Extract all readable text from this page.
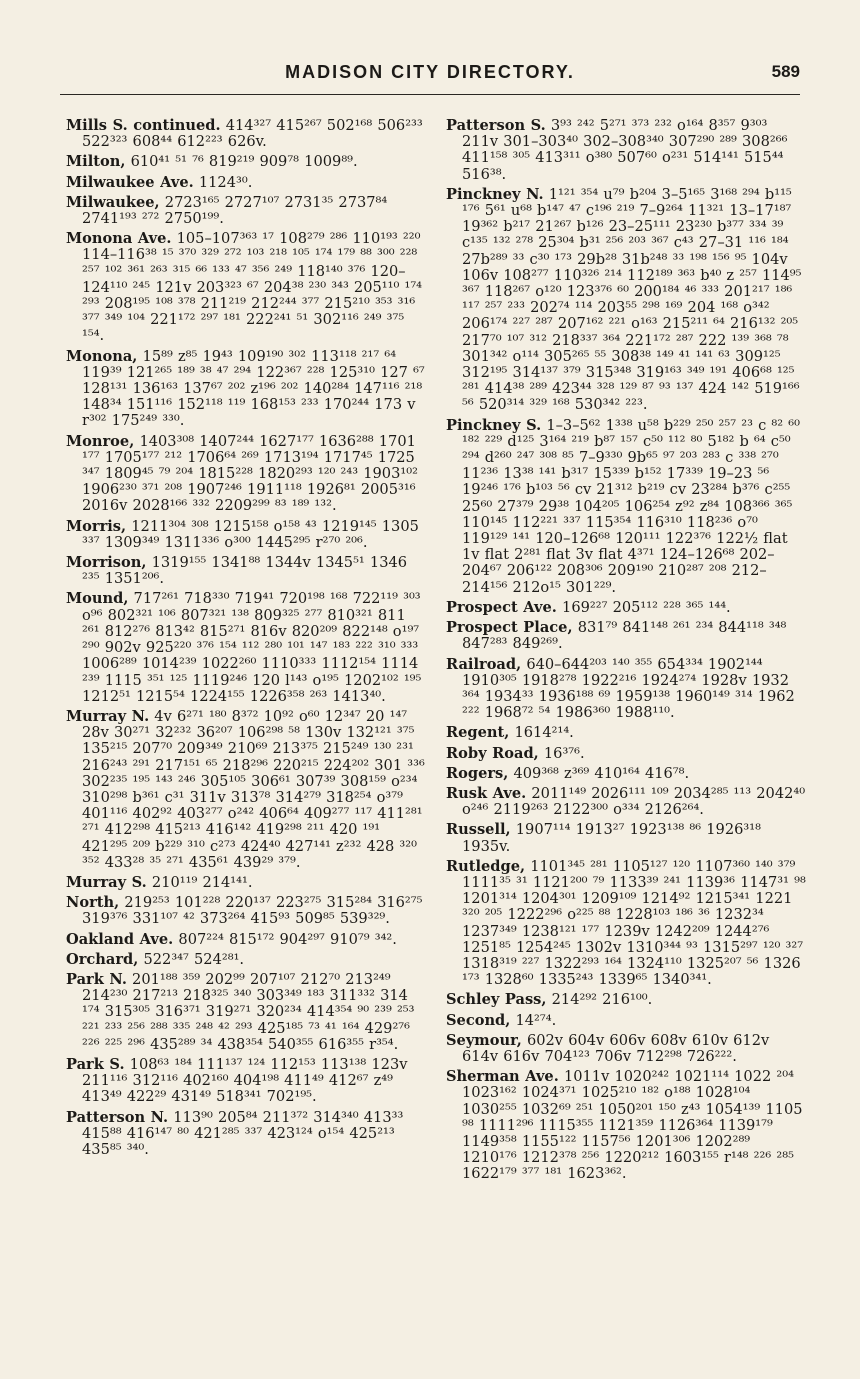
MADISON CITY DIRECTORY.	589

Mills S. continued. 414³²⁷ 415²⁶⁷ 502¹⁶⁸ 506²³³ 522³²³ 608⁴⁴ 612²²³ 626v.

Milton, 610⁴¹ ⁵¹ ⁷⁶ 819²¹⁹ 909⁷⁸ 1009⁸⁹.

Milwaukee Ave. 1124³⁰.

Milwaukee, 2723¹⁶⁵ 2727¹⁰⁷ 2731³⁵ 2737⁸⁴ 2741¹⁹³ ²⁷² 2750¹⁹⁹.

Monona Ave. 105–107³⁶³ ¹⁷ 108²⁷⁹ ²⁸⁶ 110¹⁹³ ²²⁰ 114–116³⁸ ¹⁵ ³⁷⁰ ³²⁹ ²⁷² ¹⁰³ ²¹⁸ ¹⁰⁵ ¹⁷⁴ ¹⁷⁹ ⁸⁸ ³⁰⁰ ²²⁸ ²⁵⁷ ¹⁰² ³⁶¹ ²⁶³ ³¹⁵ ⁶⁶ ¹³³ ⁴⁷ ³⁵⁶ ²⁴⁹ 118¹⁴⁰ ³⁷⁶ 120–124¹¹⁰ ²⁴⁵ 121v 203³²³ ⁶⁷ 204³⁸ ²³⁰ ³⁴³ 205¹¹⁰ ¹⁷⁴ ²⁹³ 208¹⁹⁵ ¹⁰⁸ ³⁷⁸ 211²¹⁹ 212²⁴⁴ ³⁷⁷ 215²¹⁰ ³⁵³ ³¹⁶ ³⁷⁷ ³⁴⁹ ¹⁰⁴ 221¹⁷² ²⁹⁷ ¹⁸¹ 222²⁴¹ ⁵¹ 302¹¹⁶ ²⁴⁹ ³⁷⁵ ¹⁵⁴.

Monona, 15⁸⁹ z⁸⁵ 19⁴³ 109¹⁹⁰ ³⁰² 113¹¹⁸ ²¹⁷ ⁶⁴ 119³⁹ 121²⁶⁵ ¹⁸⁹ ³⁸ ⁴⁷ ²⁹⁴ 122³⁶⁷ ²²⁸ 125³¹⁰ 127 ⁶⁷ 128¹³¹ 136¹⁶³ 137⁶⁷ ²⁰² z¹⁹⁶ ²⁰² 140²⁸⁴ 147¹¹⁶ ²¹⁸ 148³⁴ 151¹¹⁶ 152¹¹⁸ ¹¹⁹ 168¹⁵³ ²³³ 170²⁴⁴ 173 v r³⁰² 175²⁴⁹ ³³⁰.

Monroe, 1403³⁰⁸ 1407²⁴⁴ 1627¹⁷⁷ 1636²⁸⁸ 1701 ¹⁷⁷ 1705¹⁷⁷ ²¹² 1706⁶⁴ ²⁶⁹ 1713¹⁹⁴ 1717⁴⁵ 1725 ³⁴⁷ 1809⁴⁵ ⁷⁹ ²⁰⁴ 1815²²⁸ 1820²⁹³ ¹²⁰ ²⁴³ 1903¹⁰² 1906²³⁰ ³⁷¹ ²⁰⁸ 1907²⁴⁶ 1911¹¹⁸ 1926⁸¹ 2005³¹⁶ 2016v 2028¹⁶⁶ ³³² 2209²⁹⁹ ⁸³ ¹⁸⁹ ¹³².

Morris, 1211³⁰⁴ ³⁰⁸ 1215¹⁵⁸ o¹⁵⁸ ⁴³ 1219¹⁴⁵ 1305 ³³⁷ 1309³⁴⁹ 1311³³⁶ o³⁰⁰ 1445²⁹⁵ r²⁷⁰ ²⁰⁶.

Morrison, 1319¹⁵⁵ 1341⁸⁸ 1344v 1345⁵¹ 1346 ²³⁵ 1351²⁰⁶.

Mound, 717²⁶¹ 718³³⁰ 719⁴¹ 720¹⁹⁸ ¹⁶⁸ 722¹¹⁹ ³⁰³ o⁹⁶ 802³²¹ ¹⁰⁶ 807³²¹ ¹³⁸ 809³²⁵ ²⁷⁷ 810³²¹ 811 ²⁶¹ 812²⁷⁶ 813⁴² 815²⁷¹ 816v 820²⁰⁹ 822¹⁴⁸ o¹⁹⁷ ²⁹⁰ 902v 925²²⁰ ³⁷⁶ ¹⁵⁴ ¹¹² ²⁸⁰ ¹⁰¹ ¹⁴⁷ ¹⁸³ ²²² ³¹⁰ ³³³ 1006²⁸⁹ 1014²³⁹ 1022²⁶⁰ 1110³³³ 1112¹⁵⁴ 1114 ²³⁹ 1115 ³⁵¹ ¹²⁵ 1119²⁴⁶ 120 l¹⁴³ o¹⁹⁵ 1202¹⁰² ¹⁹⁵ 1212⁵¹ 1215⁵⁴ 1224¹⁵⁵ 1226³⁵⁸ ²⁶³ 1413⁴⁰.

Murray N. 4v 6²⁷¹ ¹⁸⁰ 8³⁷² 10⁹² o⁶⁰ 12³⁴⁷ 20 ¹⁴⁷ 28v 30²⁷¹ 32²³² 36²⁰⁷ 106²⁹⁸ ⁵⁸ 130v 132¹²¹ ³⁷⁵ 135²¹⁵ 207⁷⁰ 209³⁴⁹ 210⁶⁹ 213³⁷⁵ 215²⁴⁹ ¹³⁰ ²³¹ 216²⁴³ ²⁹¹ 217¹⁵¹ ⁶⁵ 218²⁹⁶ 220²¹⁵ 224²⁰² 301 ³³⁶ 302²³⁵ ¹⁹⁵ ¹⁴³ ²⁴⁶ 305¹⁰⁵ 306⁶¹ 307³⁹ 308¹⁵⁹ o²³⁴ 310²⁹⁸ b³⁶¹ c³¹ 311v 313⁷⁸ 314²⁷⁹ 318²⁵⁴ o³⁷⁹ 401¹¹⁶ 402⁹² 403²⁷⁷ o²⁴² 406⁶⁴ 409²⁷⁷ ¹¹⁷ 411²⁸¹ ²⁷¹ 412²⁹⁸ 415²¹³ 416¹⁴² 419²⁹⁸ ²¹¹ 420 ¹⁹¹ 421²⁹⁵ ²⁰⁹ b²²⁹ ³¹⁰ c²⁷³ 424⁴⁰ 427¹⁴¹ z²³² 428 ³²⁰ ³⁵² 433²⁸ ³⁵ ²⁷¹ 435⁶¹ 439²⁹ ³⁷⁹.

Murray S. 210¹¹⁹ 214¹⁴¹.

North, 219²⁵³ 101²²⁸ 220¹³⁷ 223²⁷⁵ 315²⁸⁴ 316²⁷⁵ 319³⁷⁶ 331¹⁰⁷ ⁴² 373²⁶⁴ 415⁹³ 509⁸⁵ 539³²⁹.

Oakland Ave. 807²²⁴ 815¹⁷² 904²⁹⁷ 910⁷⁹ ³⁴².

Orchard, 522³⁴⁷ 524²⁸¹.

Park N. 201¹⁸⁸ ³⁵⁹ 202⁹⁹ 207¹⁰⁷ 212⁷⁰ 213²⁴⁹ 214²³⁰ 217²¹³ 218³²⁵ ³⁴⁰ 303³⁴⁹ ¹⁸³ 311³³² 314 ¹⁷⁴ 315³⁰⁵ 316³⁷¹ 319²⁷¹ 320²³⁴ 414³⁵⁴ ⁹⁰ ²³⁹ ²⁵³ ²²¹ ²³³ ²⁵⁶ ²⁸⁸ ³³⁵ ²⁴⁸ ⁴² ²⁹³ 425¹⁸⁵ ⁷³ ⁴¹ ¹⁶⁴ 429²⁷⁶ ²²⁶ ²²⁵ ²⁹⁶ 435²⁸⁹ ³⁴ 438³⁵⁴ 540³⁵⁵ 616³⁵⁵ r³⁵⁴.

Park S. 108⁶³ ¹⁸⁴ 111¹³⁷ ¹²⁴ 112¹⁵³ 113¹³⁸ 123v 211¹¹⁶ 312¹¹⁶ 402¹⁶⁰ 404¹⁹⁸ 411⁴⁹ 412⁶⁷ z⁴⁹ 413⁴⁹ 422²⁹ 431⁴⁹ 518³⁴¹ 702¹⁹⁵.

Patterson N. 113⁹⁰ 205⁸⁴ 211³⁷² 314³⁴⁰ 413³³ 415⁸⁸ 416¹⁴⁷ ⁸⁰ 421²⁸⁵ ³³⁷ 423¹²⁴ o¹⁵⁴ 425²¹³ 435⁸⁵ ³⁴⁰.

Patterson S. 3⁹³ ²⁴² 5²⁷¹ ³⁷³ ²³² o¹⁶⁴ 8³⁵⁷ 9³⁰³ 211v 301–303⁴⁰ 302–308³⁴⁰ 307²⁹⁰ ²⁸⁹ 308²⁶⁶ 411¹⁵⁸ ³⁰⁵ 413³¹¹ o³⁸⁰ 507⁶⁰ o²³¹ 514¹⁴¹ 515⁴⁴ 516³⁸.

Pinckney N. 1¹²¹ ³⁵⁴ u⁷⁹ b²⁰⁴ 3–5¹⁶⁵ 3¹⁶⁸ ²⁹⁴ b¹¹⁵ ¹⁷⁶ 5⁶¹ u⁶⁸ b¹⁴⁷ ⁴⁷ c¹⁹⁶ ²¹⁹ 7–9²⁶⁴ 11³²¹ 13–17¹⁸⁷ 19³⁶² b²¹⁷ 21²⁶⁷ b¹²⁶ 23–25¹¹¹ 23²³⁰ b³⁷⁷ ³³⁴ ³⁹ c¹³⁵ ¹³² ²⁷⁸ 25³⁰⁴ b³¹ ²⁵⁶ ²⁰³ ³⁶⁷ c⁴³ 27–31 ¹¹⁶ ¹⁸⁴ 27b²⁸⁹ ³³ c³⁰ ¹⁷³ 29b²⁸ 31b²⁴⁸ ³³ ¹⁹⁸ ¹⁵⁶ ⁹⁵ 104v 106v 108²⁷⁷ 110³²⁶ ²¹⁴ 112¹⁸⁹ ³⁶³ b⁴⁰ z ²⁵⁷ 114⁹⁵ ³⁶⁷ 118²⁶⁷ o¹²⁰ 123³⁷⁶ ⁶⁰ 200¹⁸⁴ ⁴⁶ ³³³ 201²¹⁷ ¹⁸⁶ ¹¹⁷ ²⁵⁷ ²³³ 202⁷⁴ ¹¹⁴ 203⁵⁵ ²⁹⁸ ¹⁶⁹ 204 ¹⁶⁸ o³⁴² 206¹⁷⁴ ²²⁷ ²⁸⁷ 207¹⁶² ²²¹ o¹⁶³ 215²¹¹ ⁶⁴ 216¹³² ²⁰⁵ 217⁷⁰ ¹⁰⁷ ³¹² 218³³⁷ ³⁶⁴ 221¹⁷² ²⁸⁷ 222 ¹³⁹ ³⁶⁸ ⁷⁸ 301³⁴² o¹¹⁴ 305²⁶⁵ ⁵⁵ 308³⁸ ¹⁴⁹ ⁴¹ ¹⁴¹ ⁶³ 309¹²⁵ 312¹⁹⁵ 314¹³⁷ ³⁷⁹ 315³⁴⁸ 319¹⁶³ ³⁴⁹ ¹⁹¹ 406⁶⁸ ¹²⁵ ²⁸¹ 414³⁸ ²⁸⁹ 423⁴⁴ ³²⁸ ¹²⁹ ⁸⁷ ⁹³ ¹³⁷ 424 ¹⁴² 519¹⁶⁶ ⁵⁶ 520³¹⁴ ³²⁹ ¹⁶⁸ 530³⁴² ²²³.

Pinckney S. 1–3–5⁶² 1³³⁸ u⁵⁸ b²²⁹ ²⁵⁰ ²⁵⁷ ²³ c ⁸² ⁶⁰ ¹⁸² ²²⁹ d¹²⁵ 3¹⁶⁴ ²¹⁹ b⁸⁷ ¹⁵⁷ c⁵⁰ ¹¹² ⁸⁰ 5¹⁸² b ⁶⁴ c⁵⁰ ²⁹⁴ d²⁶⁰ ²⁴⁷ ³⁰⁸ ⁸⁵ 7–9³³⁰ 9b⁶⁵ ⁹⁷ ²⁰³ ²⁸³ c ³³⁸ ²⁷⁰ 11²³⁶ 13³⁸ ¹⁴¹ b³¹⁷ 15³³⁹ b¹⁵² 17³³⁹ 19–23 ⁵⁶ 19²⁴⁶ ¹⁷⁶ b¹⁰³ ⁵⁶ cv 21³¹² b²¹⁹ cv 23²⁸⁴ b³⁷⁶ c²⁵⁵ 25⁶⁰ 27³⁷⁹ 29³⁸ 104²⁰⁵ 106²⁵⁴ z⁹² z⁸⁴ 108³⁶⁶ ³⁶⁵ 110¹⁴⁵ 112²²¹ ³³⁷ 115³⁵⁴ 116³¹⁰ 118²³⁶ o⁷⁰ 119¹²⁹ ¹⁴¹ 120–126⁶⁸ 120¹¹¹ 122³⁷⁶ 122½ flat 1v flat 2²⁸¹ flat 3v flat 4³⁷¹ 124–126⁶⁸ 202–204⁶⁷ 206¹²² 208³⁰⁶ 209¹⁹⁰ 210²⁸⁷ ²⁰⁸ 212–214¹⁵⁶ 212o¹⁵ 301²²⁹.

Prospect Ave. 169²²⁷ 205¹¹² ²²⁸ ³⁶⁵ ¹⁴⁴.

Prospect Place, 831⁷⁹ 841¹⁴⁸ ²⁶¹ ²³⁴ 844¹¹⁸ ³⁴⁸ 847²⁸³ 849²⁶⁹.

Railroad, 640–644²⁰³ ¹⁴⁰ ³⁵⁵ 654³³⁴ 1902¹⁴⁴ 1910³⁰⁵ 1918²⁷⁸ 1922²¹⁶ 1924²⁷⁴ 1928v 1932 ³⁶⁴ 1934³³ 1936¹⁸⁸ ⁶⁹ 1959¹³⁸ 1960¹⁴⁹ ³¹⁴ 1962 ²²² 1968⁷² ⁵⁴ 1986³⁶⁰ 1988¹¹⁰.

Regent, 1614²¹⁴.

Roby Road, 16³⁷⁶.

Rogers, 409³⁶⁸ z³⁶⁹ 410¹⁶⁴ 416⁷⁸.

Rusk Ave. 2011¹⁴⁹ 2026¹¹¹ ¹⁰⁹ 2034²⁸⁵ ¹¹³ 2042⁴⁰ o²⁴⁶ 2119²⁶³ 2122³⁰⁰ o³³⁴ 2126²⁶⁴.

Russell, 1907¹¹⁴ 1913²⁷ 1923¹³⁸ ⁸⁶ 1926³¹⁸ 1935v.

Rutledge, 1101³⁴⁵ ²⁸¹ 1105¹²⁷ ¹²⁰ 1107³⁶⁰ ¹⁴⁰ ³⁷⁹ 1111³⁵ ³¹ 1121²⁰⁰ ⁷⁹ 1133³⁹ ²⁴¹ 1139³⁶ 1147³¹ ⁹⁸ 1201³¹⁴ 1204³⁰¹ 1209¹⁰⁹ 1214⁹² 1215³⁴¹ 1221 ³²⁰ ²⁰⁵ 1222²⁹⁶ o²²⁵ ⁸⁸ 1228¹⁰³ ¹⁸⁶ ³⁶ 1232³⁴ 1237³⁴⁹ 1238¹²¹ ¹⁷⁷ 1239v 1242²⁰⁹ 1244²⁷⁶ 1251⁸⁵ 1254²⁴⁵ 1302v 1310³⁴⁴ ⁹³ 1315²⁹⁷ ¹²⁰ ³²⁷ 1318³¹⁹ ²²⁷ 1322²⁹³ ¹⁶⁴ 1324¹¹⁰ 1325²⁰⁷ ⁵⁶ 1326 ¹⁷³ 1328⁶⁰ 1335²⁴³ 1339⁶⁵ 1340³⁴¹.

Schley Pass, 214²⁹² 216¹⁰⁰.

Second, 14²⁷⁴.

Seymour, 602v 604v 606v 608v 610v 612v 614v 616v 704¹²³ 706v 712²⁹⁸ 726²²².

Sherman Ave. 1011v 1020²⁴² 1021¹¹⁴ 1022 ²⁰⁴ 1023¹⁶² 1024³⁷¹ 1025²¹⁰ ¹⁸² o¹⁸⁸ 1028¹⁰⁴ 1030²⁵⁵ 1032⁶⁹ ²⁵¹ 1050²⁰¹ ¹⁵⁰ z⁴³ 1054¹³⁹ 1105 ⁹⁸ 1111²⁹⁶ 1115³⁵⁵ 1121³⁵⁹ 1126³⁶⁴ 1139¹⁷⁹ 1149³⁵⁸ 1155¹²² 1157⁵⁶ 1201³⁰⁶ 1202²⁸⁹ 1210¹⁷⁶ 1212³⁷⁸ ²⁵⁶ 1220²¹² 1603¹⁵⁵ r¹⁴⁸ ²²⁶ ²⁸⁵ 1622¹⁷⁹ ³⁷⁷ ¹⁸¹ 1623³⁶².
